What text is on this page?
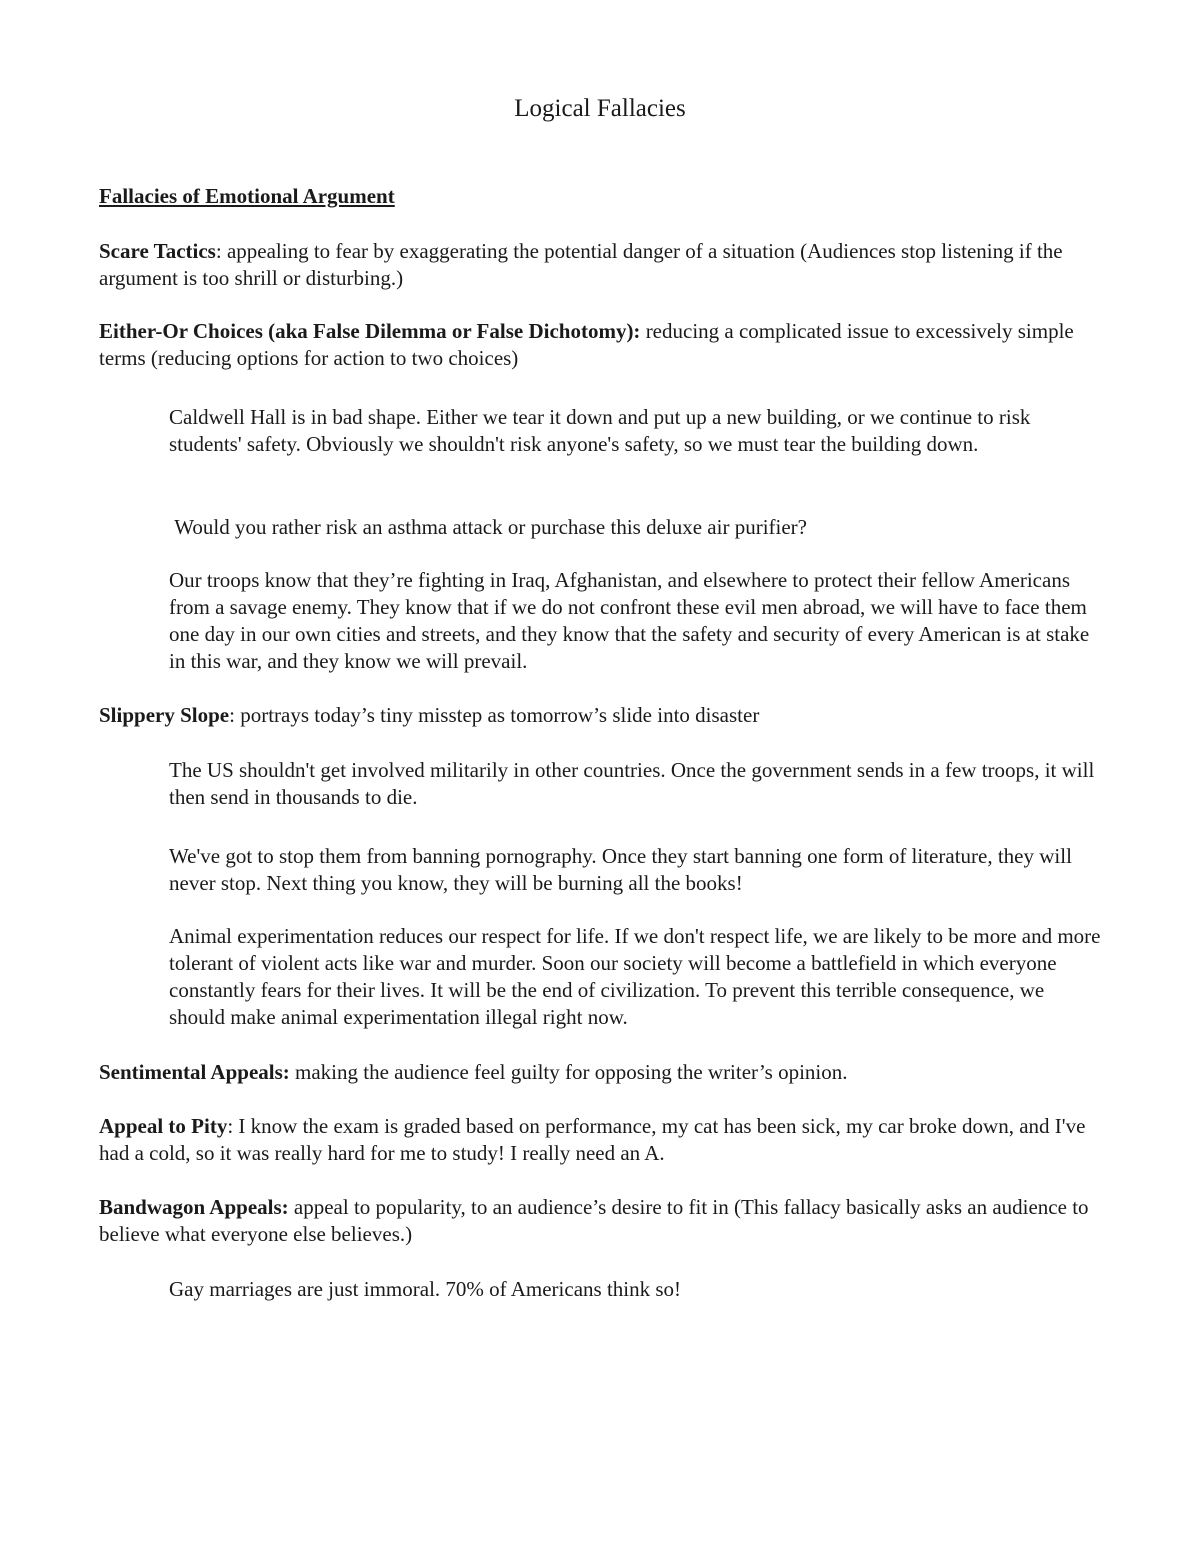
Logical Fallacies

Fallacies of Emotional Argument

Scare Tactics: appealing to fear by exaggerating the potential danger of a situation (Audiences stop listening if the argument is too shrill or disturbing.)

Either-Or Choices (aka False Dilemma or False Dichotomy): reducing a complicated issue to excessively simple terms (reducing options for action to two choices)

Caldwell Hall is in bad shape. Either we tear it down and put up a new building, or we continue to risk students' safety. Obviously we shouldn't risk anyone's safety, so we must tear the building down.

Would you rather risk an asthma attack or purchase this deluxe air purifier?

Our troops know that they’re fighting in Iraq, Afghanistan, and elsewhere to protect their fellow Americans from a savage enemy. They know that if we do not confront these evil men abroad, we will have to face them one day in our own cities and streets, and they know that the safety and security of every American is at stake in this war, and they know we will prevail.

Slippery Slope: portrays today’s tiny misstep as tomorrow’s slide into disaster

The US shouldn't get involved militarily in other countries. Once the government sends in a few troops, it will then send in thousands to die.

We've got to stop them from banning pornography. Once they start banning one form of literature, they will never stop. Next thing you know, they will be burning all the books!

Animal experimentation reduces our respect for life. If we don't respect life, we are likely to be more and more tolerant of violent acts like war and murder. Soon our society will become a battlefield in which everyone constantly fears for their lives. It will be the end of civilization. To prevent this terrible consequence, we should make animal experimentation illegal right now.

Sentimental Appeals: making the audience feel guilty for opposing the writer’s opinion.

Appeal to Pity: I know the exam is graded based on performance, my cat has been sick, my car broke down, and I've had a cold, so it was really hard for me to study! I really need an A.

Bandwagon Appeals: appeal to popularity, to an audience’s desire to fit in (This fallacy basically asks an audience to believe what everyone else believes.)

Gay marriages are just immoral. 70% of Americans think so!
